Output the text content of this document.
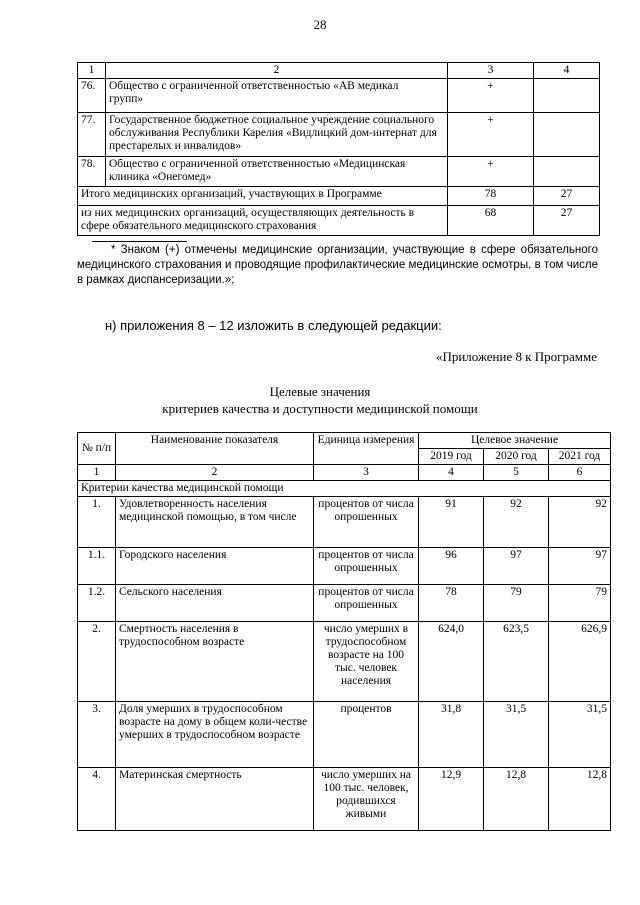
28
1	2	3	4
76.	Общество с ограниченной ответственностью «АВ медикал групп»	+	
77.	Государственное бюджетное социальное учреждение социального обслуживания Республики Карелия «Видлицкий дом-интернат для престарелых и инвалидов»	+	
78.	Общество с ограниченной ответственностью «Медицинская клиника «Онегомед»	+	
Итого медицинских организаций, участвующих в Программе		78	27
из них медицинских организаций, осуществляющих деятельность в сфере обязательного медицинского страхования		68	27
* Знаком (+) отмечены медицинские организации, участвующие в сфере обязательного медицинского страхования и проводящие профилактические медицинские осмотры, в том числе в рамках диспансеризации.»;
н) приложения 8 – 12 изложить в следующей редакции:
«Приложение 8 к Программе
Целевые значения
критериев качества и доступности медицинской помощи
№ п/п	Наименование показателя	Единица измерения	Целевое значение		
			2019 год	2020 год	2021 год
1	2	3	4	5	6
Критерии качества медицинской помощи					
1.	Удовлетворенность населения медицинской помощью, в том числе	процентов от числа опрошенных	91	92	92
1.1.	Городского населения	процентов от числа опрошенных	96	97	97
1.2.	Сельского населения	процентов от числа опрошенных	78	79	79
2.	Смертность населения в трудоспособном возрасте	число умерших в трудоспособном возрасте на 100 тыс. человек населения	624,0	623,5	626,9
3.	Доля умерших в трудоспособном возрасте на дому в общем коли-честве умерших в трудоспособном возрасте	процентов	31,8	31,5	31,5
4.	Материнская смертность	число умерших на 100 тыс. человек, родившихся живыми	12,9	12,8	12,8
